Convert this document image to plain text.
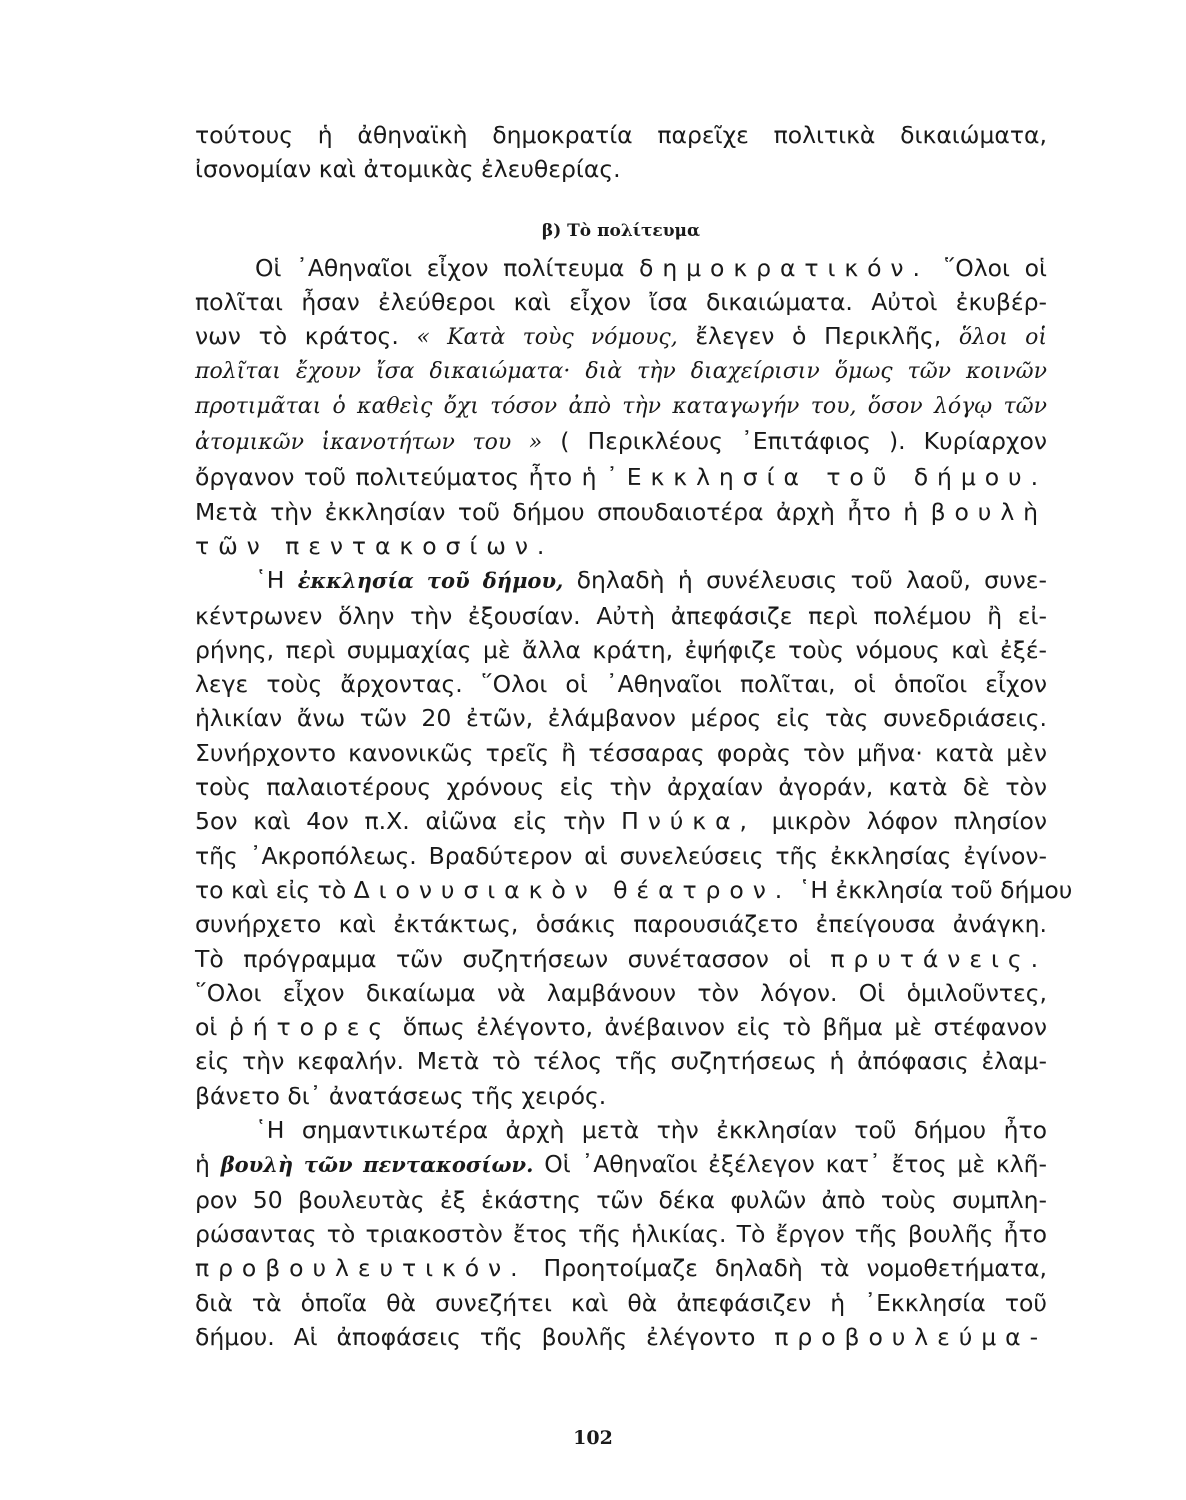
τούτους ἡ ἀθηναϊκὴ δημοκρατία παρεῖχε πολιτικὰ δικαιώματα,
ἰσονομίαν καὶ ἀτομικὰς ἐλευθερίας.
β) Τὸ πολίτευμα
Οἱ ᾿Αθηναῖοι εἶχον πολίτευμα δημοκρατικόν. ῞Ολοι οἱ
πολῖται ἦσαν ἐλεύθεροι καὶ εἶχον ἴσα δικαιώματα. Αὐτοὶ ἐκυβέρ-
νων τὸ κράτος. « Κατὰ τοὺς νόμους, ἔλεγεν ὁ Περικλῆς, ὅλοι οἱ
πολῖται ἔχουν ἴσα δικαιώματα· διὰ τὴν διαχείρισιν ὅμως τῶν κοινῶν
προτιμᾶται ὁ καθεὶς ὄχι τόσον ἀπὸ τὴν καταγωγήν του, ὅσον λόγῳ τῶν
ἀτομικῶν ἱκανοτήτων του » ( Περικλέους ᾿Επιτάφιος ). Κυρίαρχον
ὄργανον τοῦ πολιτεύματος ἦτο ἡ ᾿Εκκλησία τοῦ δήμου.
Μετὰ τὴν ἐκκλησίαν τοῦ δήμου σπουδαιοτέρα ἀρχὴ ἦτο ἡ βουλὴ
τῶν πεντακοσίων.
῾Η ἐκκλησία τοῦ δήμου, δηλαδὴ ἡ συνέλευσις τοῦ λαοῦ, συνε-
κέντρωνεν ὅλην τὴν ἐξουσίαν. Αὐτὴ ἀπεφάσιζε περὶ πολέμου ἢ εἰ-
ρήνης, περὶ συμμαχίας μὲ ἄλλα κράτη, ἐψήφιζε τοὺς νόμους καὶ ἐξέ-
λεγε τοὺς ἄρχοντας. ῞Ολοι οἱ ᾿Αθηναῖοι πολῖται, οἱ ὁποῖοι εἶχον
ἡλικίαν ἄνω τῶν 20 ἐτῶν, ἐλάμβανον μέρος εἰς τὰς συνεδριάσεις.
Συνήρχοντο κανονικῶς τρεῖς ἢ τέσσαρας φορὰς τὸν μῆνα· κατὰ μὲν
τοὺς παλαιοτέρους χρόνους εἰς τὴν ἀρχαίαν ἀγοράν, κατὰ δὲ τὸν
5ον καὶ 4ον π.Χ. αἰῶνα εἰς τὴν Πνύκα, μικρὸν λόφον πλησίον
τῆς ᾿Ακροπόλεως. Βραδύτερον αἱ συνελεύσεις τῆς ἐκκλησίας ἐγίνον-
το καὶ εἰς τὸ Διονυσιακὸν θέατρον. ῾Η ἐκκλησία τοῦ δήμου
συνήρχετο καὶ ἐκτάκτως, ὁσάκις παρουσιάζετο ἐπείγουσα ἀνάγκη.
Τὸ πρόγραμμα τῶν συζητήσεων συνέτασσον οἱ πρυτάνεις.
῞Ολοι εἶχον δικαίωμα νὰ λαμβάνουν τὸν λόγον. Οἱ ὁμιλοῦντες,
οἱ ῥήτορες ὅπως ἐλέγοντο, ἀνέβαινον εἰς τὸ βῆμα μὲ στέφανον
εἰς τὴν κεφαλήν. Μετὰ τὸ τέλος τῆς συζητήσεως ἡ ἀπόφασις ἐλαμ-
βάνετο δι᾿ ἀνατάσεως τῆς χειρός.
῾Η σημαντικωτέρα ἀρχὴ μετὰ τὴν ἐκκλησίαν τοῦ δήμου ἦτο
ἡ βουλὴ τῶν πεντακοσίων. Οἱ ᾿Αθηναῖοι ἐξέλεγον κατ᾿ ἔτος μὲ κλῆ-
ρον 50 βουλευτὰς ἐξ ἑκάστης τῶν δέκα φυλῶν ἀπὸ τοὺς συμπλη-
ρώσαντας τὸ τριακοστὸν ἔτος τῆς ἡλικίας. Τὸ ἔργον τῆς βουλῆς ἦτο
προβουλευτικόν. Προητοίμαζε δηλαδὴ τὰ νομοθετήματα,
διὰ τὰ ὁποῖα θὰ συνεζήτει καὶ θὰ ἀπεφάσιζεν ἡ ᾿Εκκλησία τοῦ
δήμου. Αἱ ἀποφάσεις τῆς βουλῆς ἐλέγοντο προβουλεύμα-
102
